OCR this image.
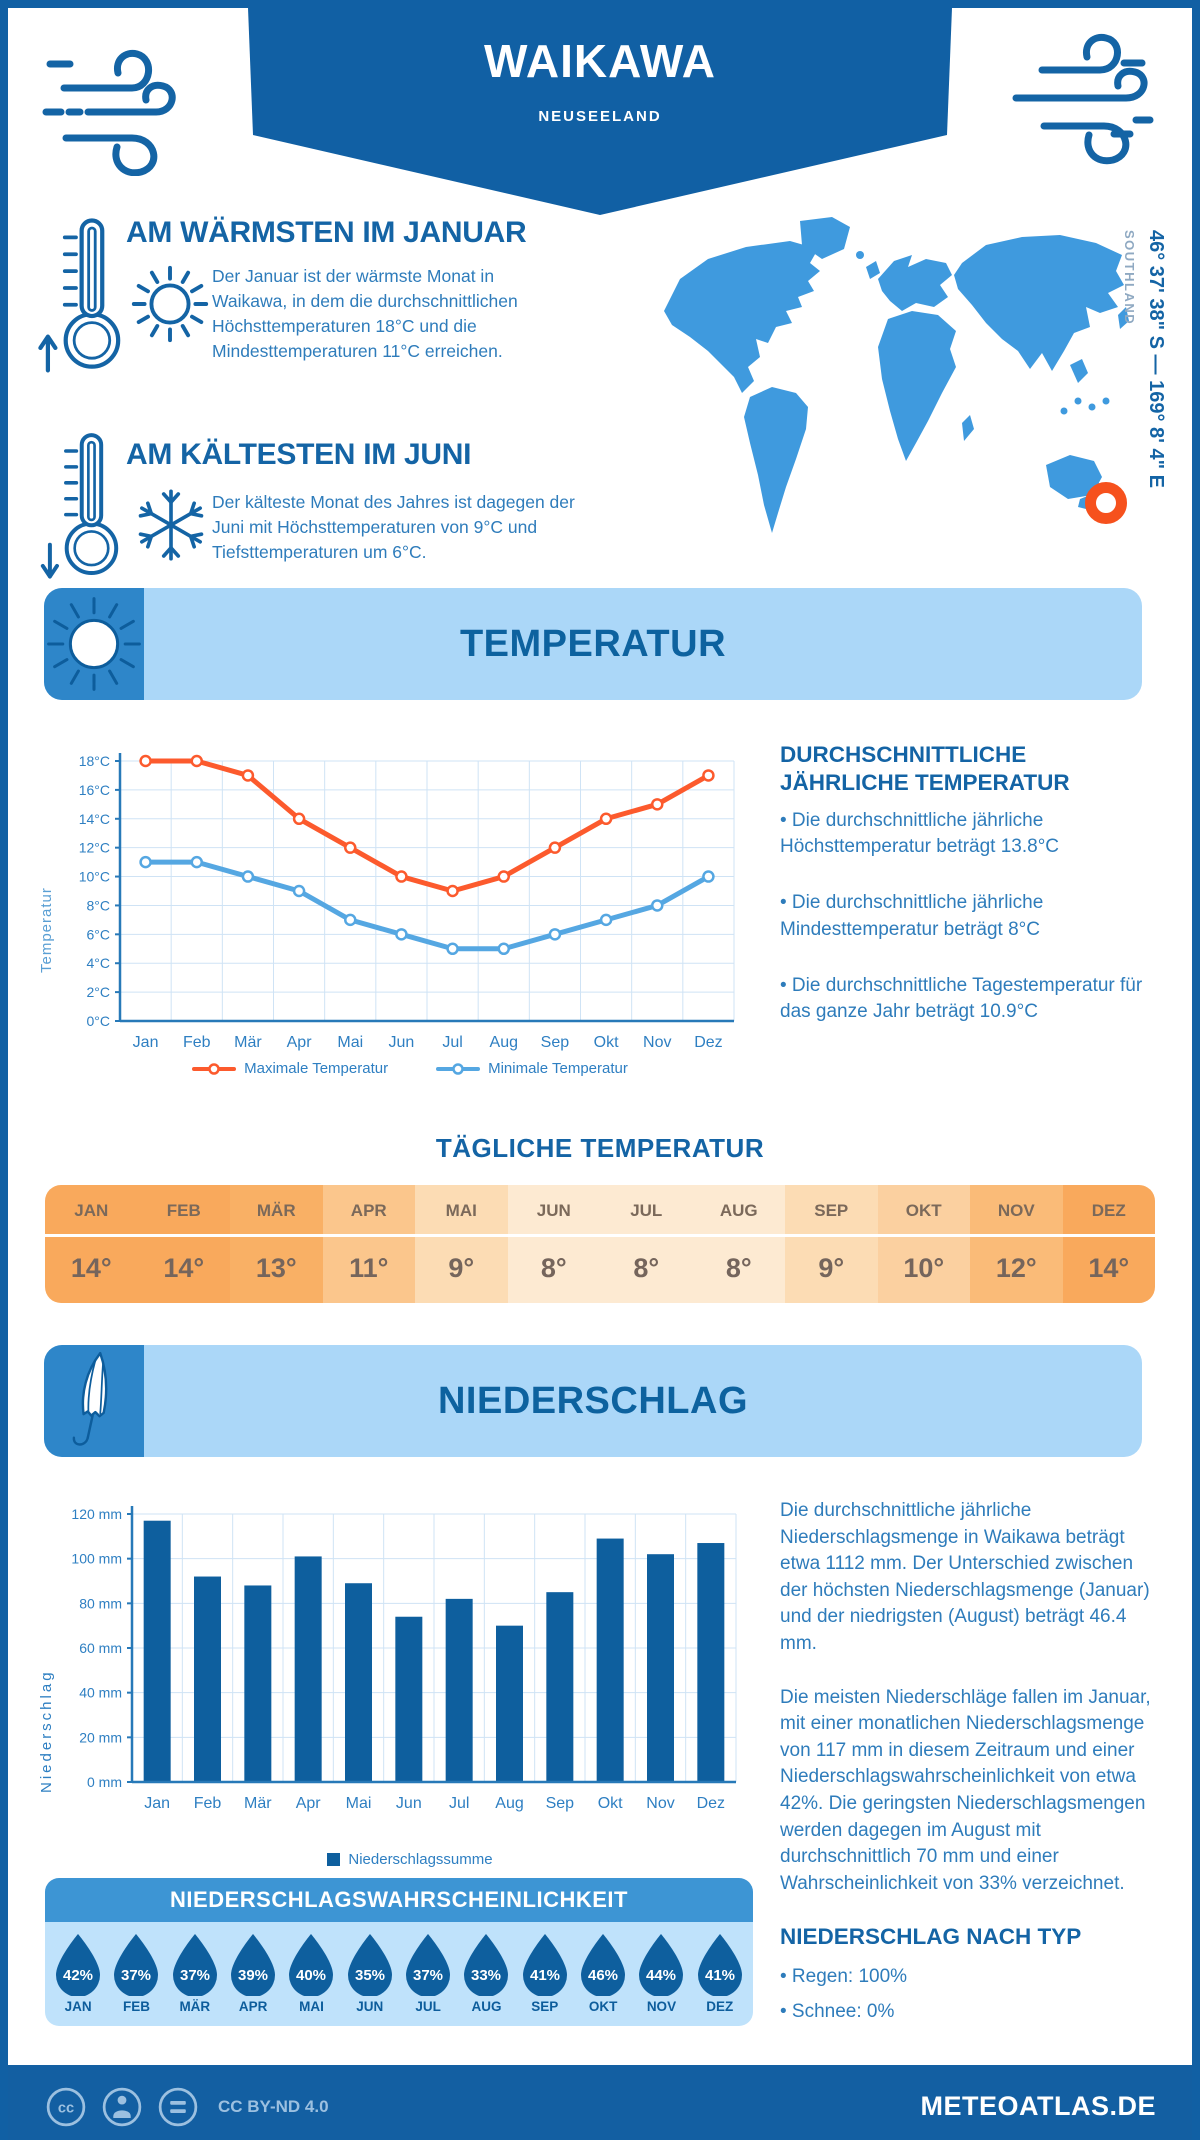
WAIKAWA
NEUSEELAND
AM WÄRMSTEN IM JANUAR
Der Januar ist der wärmste Monat in Waikawa, in dem die durchschnittlichen Höchsttemperaturen 18°C und die Mindesttemperaturen 11°C erreichen.
AM KÄLTESTEN IM JUNI
Der kälteste Monat des Jahres ist dagegen der Juni mit Höchsttemperaturen von 9°C und Tiefsttemperaturen um 6°C.
46° 37' 38" S — 169° 8' 4" E
SOUTHLAND
TEMPERATUR
0°C
2°C
4°C
6°C
8°C
10°C
12°C
14°C
16°C
18°C
Jan Feb Mär Apr Mai Jun Jul Aug Sep Okt Nov Dez
Temperatur
Maximale Temperatur	Minimale Temperatur
DURCHSCHNITTLICHE JÄHRLICHE TEMPERATUR

• Die durchschnittliche jährliche Höchsttemperatur beträgt 13.8°C

• Die durchschnittliche jährliche Mindesttemperatur beträgt 8°C

• Die durchschnittliche Tagestemperatur für das ganze Jahr beträgt 10.9°C

TÄGLICHE TEMPERATUR
JAN
14°
FEB
14°
MÄR
13°
APR
11°
MAI
9°
JUN
8°
JUL
8°
AUG
8°
SEP
9°
OKT
10°
NOV
12°
DEZ
14°
NIEDERSCHLAG
0 mm
20 mm
40 mm
60 mm
80 mm
100 mm
120 mm
Jan Feb Mär Apr Mai Jun Jul Aug Sep Okt Nov Dez
Niederschlag
Niederschlagssumme

Die durchschnittliche jährliche Niederschlagsmenge in Waikawa beträgt etwa 1112 mm. Der Unterschied zwischen der höchsten Niederschlagsmenge (Januar) und der niedrigsten (August) beträgt 46.4 mm.

Die meisten Niederschläge fallen im Januar, mit einer monatlichen Niederschlagsmenge von 117 mm in diesem Zeitraum und einer Niederschlagswahrscheinlichkeit von etwa 42%. Die geringsten Niederschlagsmengen werden dagegen im August mit durchschnittlich 70 mm und einer Wahrscheinlichkeit von 33% verzeichnet.

NIEDERSCHLAG NACH TYP

• Regen: 100%

• Schnee: 0%

NIEDERSCHLAGSWAHRSCHEINLICHKEIT
42%
JAN
37%
FEB
37%
MÄR
39%
APR
40%
MAI
35%
JUN
37%
JUL
33%
AUG
41%
SEP
46%
OKT
44%
NOV
41%
DEZ
cc	CC BY-ND 4.0	METEOATLAS.DE
